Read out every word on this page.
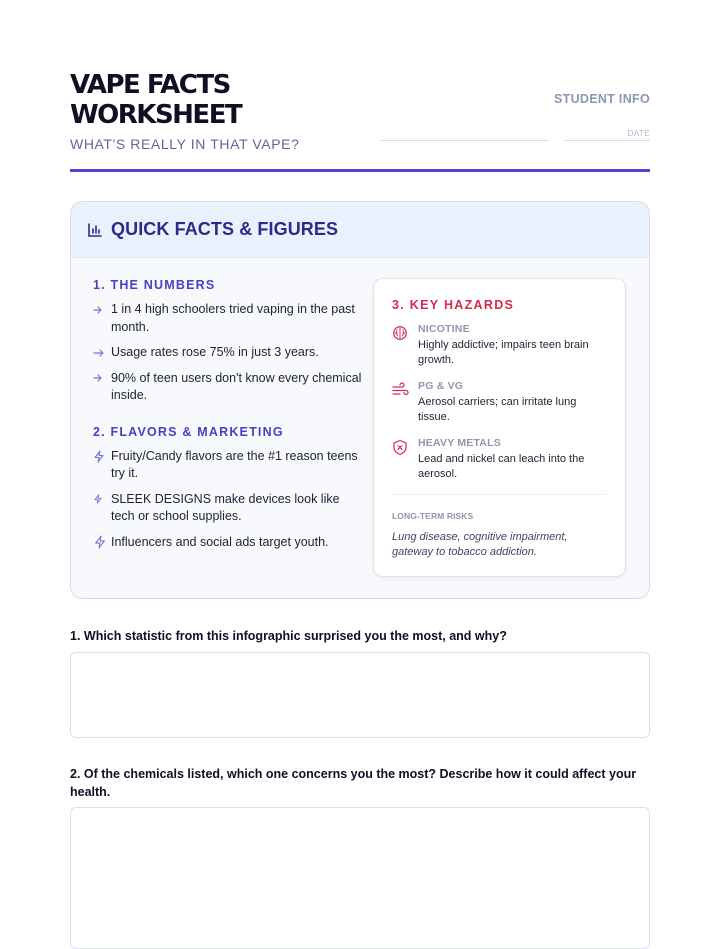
VAPE FACTS WORKSHEET
WHAT'S REALLY IN THAT VAPE?
STUDENT INFO
DATE
QUICK FACTS & FIGURES
1. THE NUMBERS
1 in 4 high schoolers tried vaping in the past month.
Usage rates rose 75% in just 3 years.
90% of teen users don't know every chemical inside.
2. FLAVORS & MARKETING
Fruity/Candy flavors are the #1 reason teens try it.
SLEEK DESIGNS make devices look like tech or school supplies.
Influencers and social ads target youth.
3. KEY HAZARDS
NICOTINE
Highly addictive; impairs teen brain growth.
PG & VG
Aerosol carriers; can irritate lung tissue.
HEAVY METALS
Lead and nickel can leach into the aerosol.
LONG-TERM RISKS
Lung disease, cognitive impairment, gateway to tobacco addiction.
1. Which statistic from this infographic surprised you the most, and why?
2. Of the chemicals listed, which one concerns you the most? Describe how it could affect your health.
